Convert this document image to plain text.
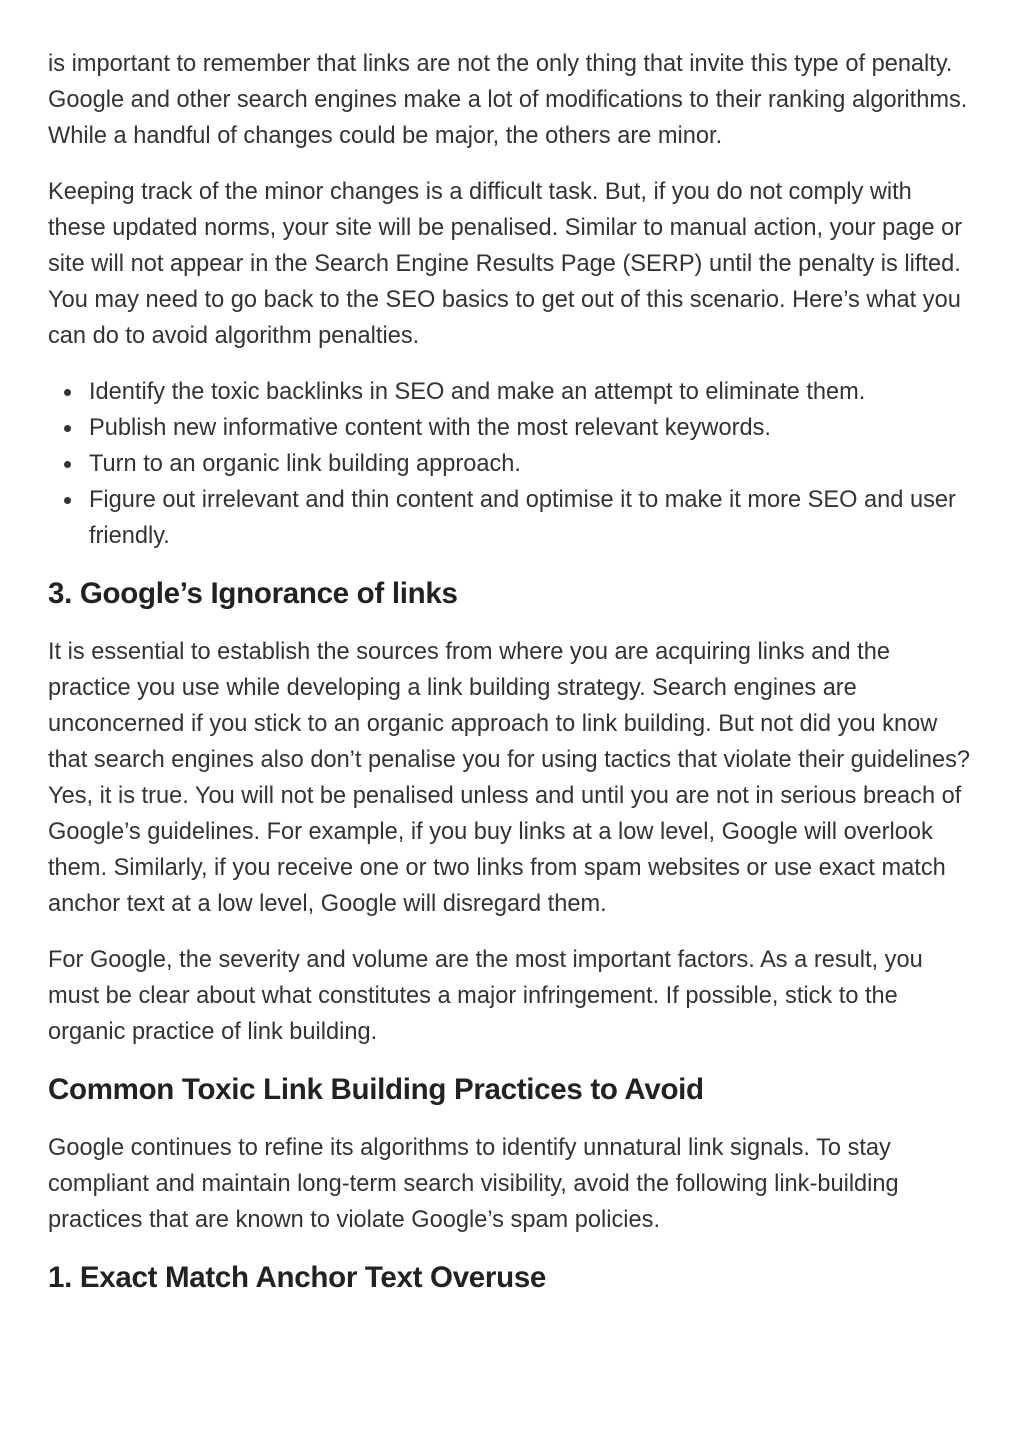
is important to remember that links are not the only thing that invite this type of penalty. Google and other search engines make a lot of modifications to their ranking algorithms. While a handful of changes could be major, the others are minor.

Keeping track of the minor changes is a difficult task. But, if you do not comply with these updated norms, your site will be penalised. Similar to manual action, your page or site will not appear in the Search Engine Results Page (SERP) until the penalty is lifted. You may need to go back to the SEO basics to get out of this scenario. Here’s what you can do to avoid algorithm penalties.

Identify the toxic backlinks in SEO and make an attempt to eliminate them.
Publish new informative content with the most relevant keywords.
Turn to an organic link building approach.
Figure out irrelevant and thin content and optimise it to make it more SEO and user friendly.
3. Google’s Ignorance of links

It is essential to establish the sources from where you are acquiring links and the practice you use while developing a link building strategy. Search engines are unconcerned if you stick to an organic approach to link building. But not did you know that search engines also don’t penalise you for using tactics that violate their guidelines? Yes, it is true. You will not be penalised unless and until you are not in serious breach of Google’s guidelines. For example, if you buy links at a low level, Google will overlook them. Similarly, if you receive one or two links from spam websites or use exact match anchor text at a low level, Google will disregard them.

For Google, the severity and volume are the most important factors. As a result, you must be clear about what constitutes a major infringement. If possible, stick to the organic practice of link building.

Common Toxic Link Building Practices to Avoid

Google continues to refine its algorithms to identify unnatural link signals. To stay compliant and maintain long-term search visibility, avoid the following link-building practices that are known to violate Google’s spam policies.

1. Exact Match Anchor Text Overuse
